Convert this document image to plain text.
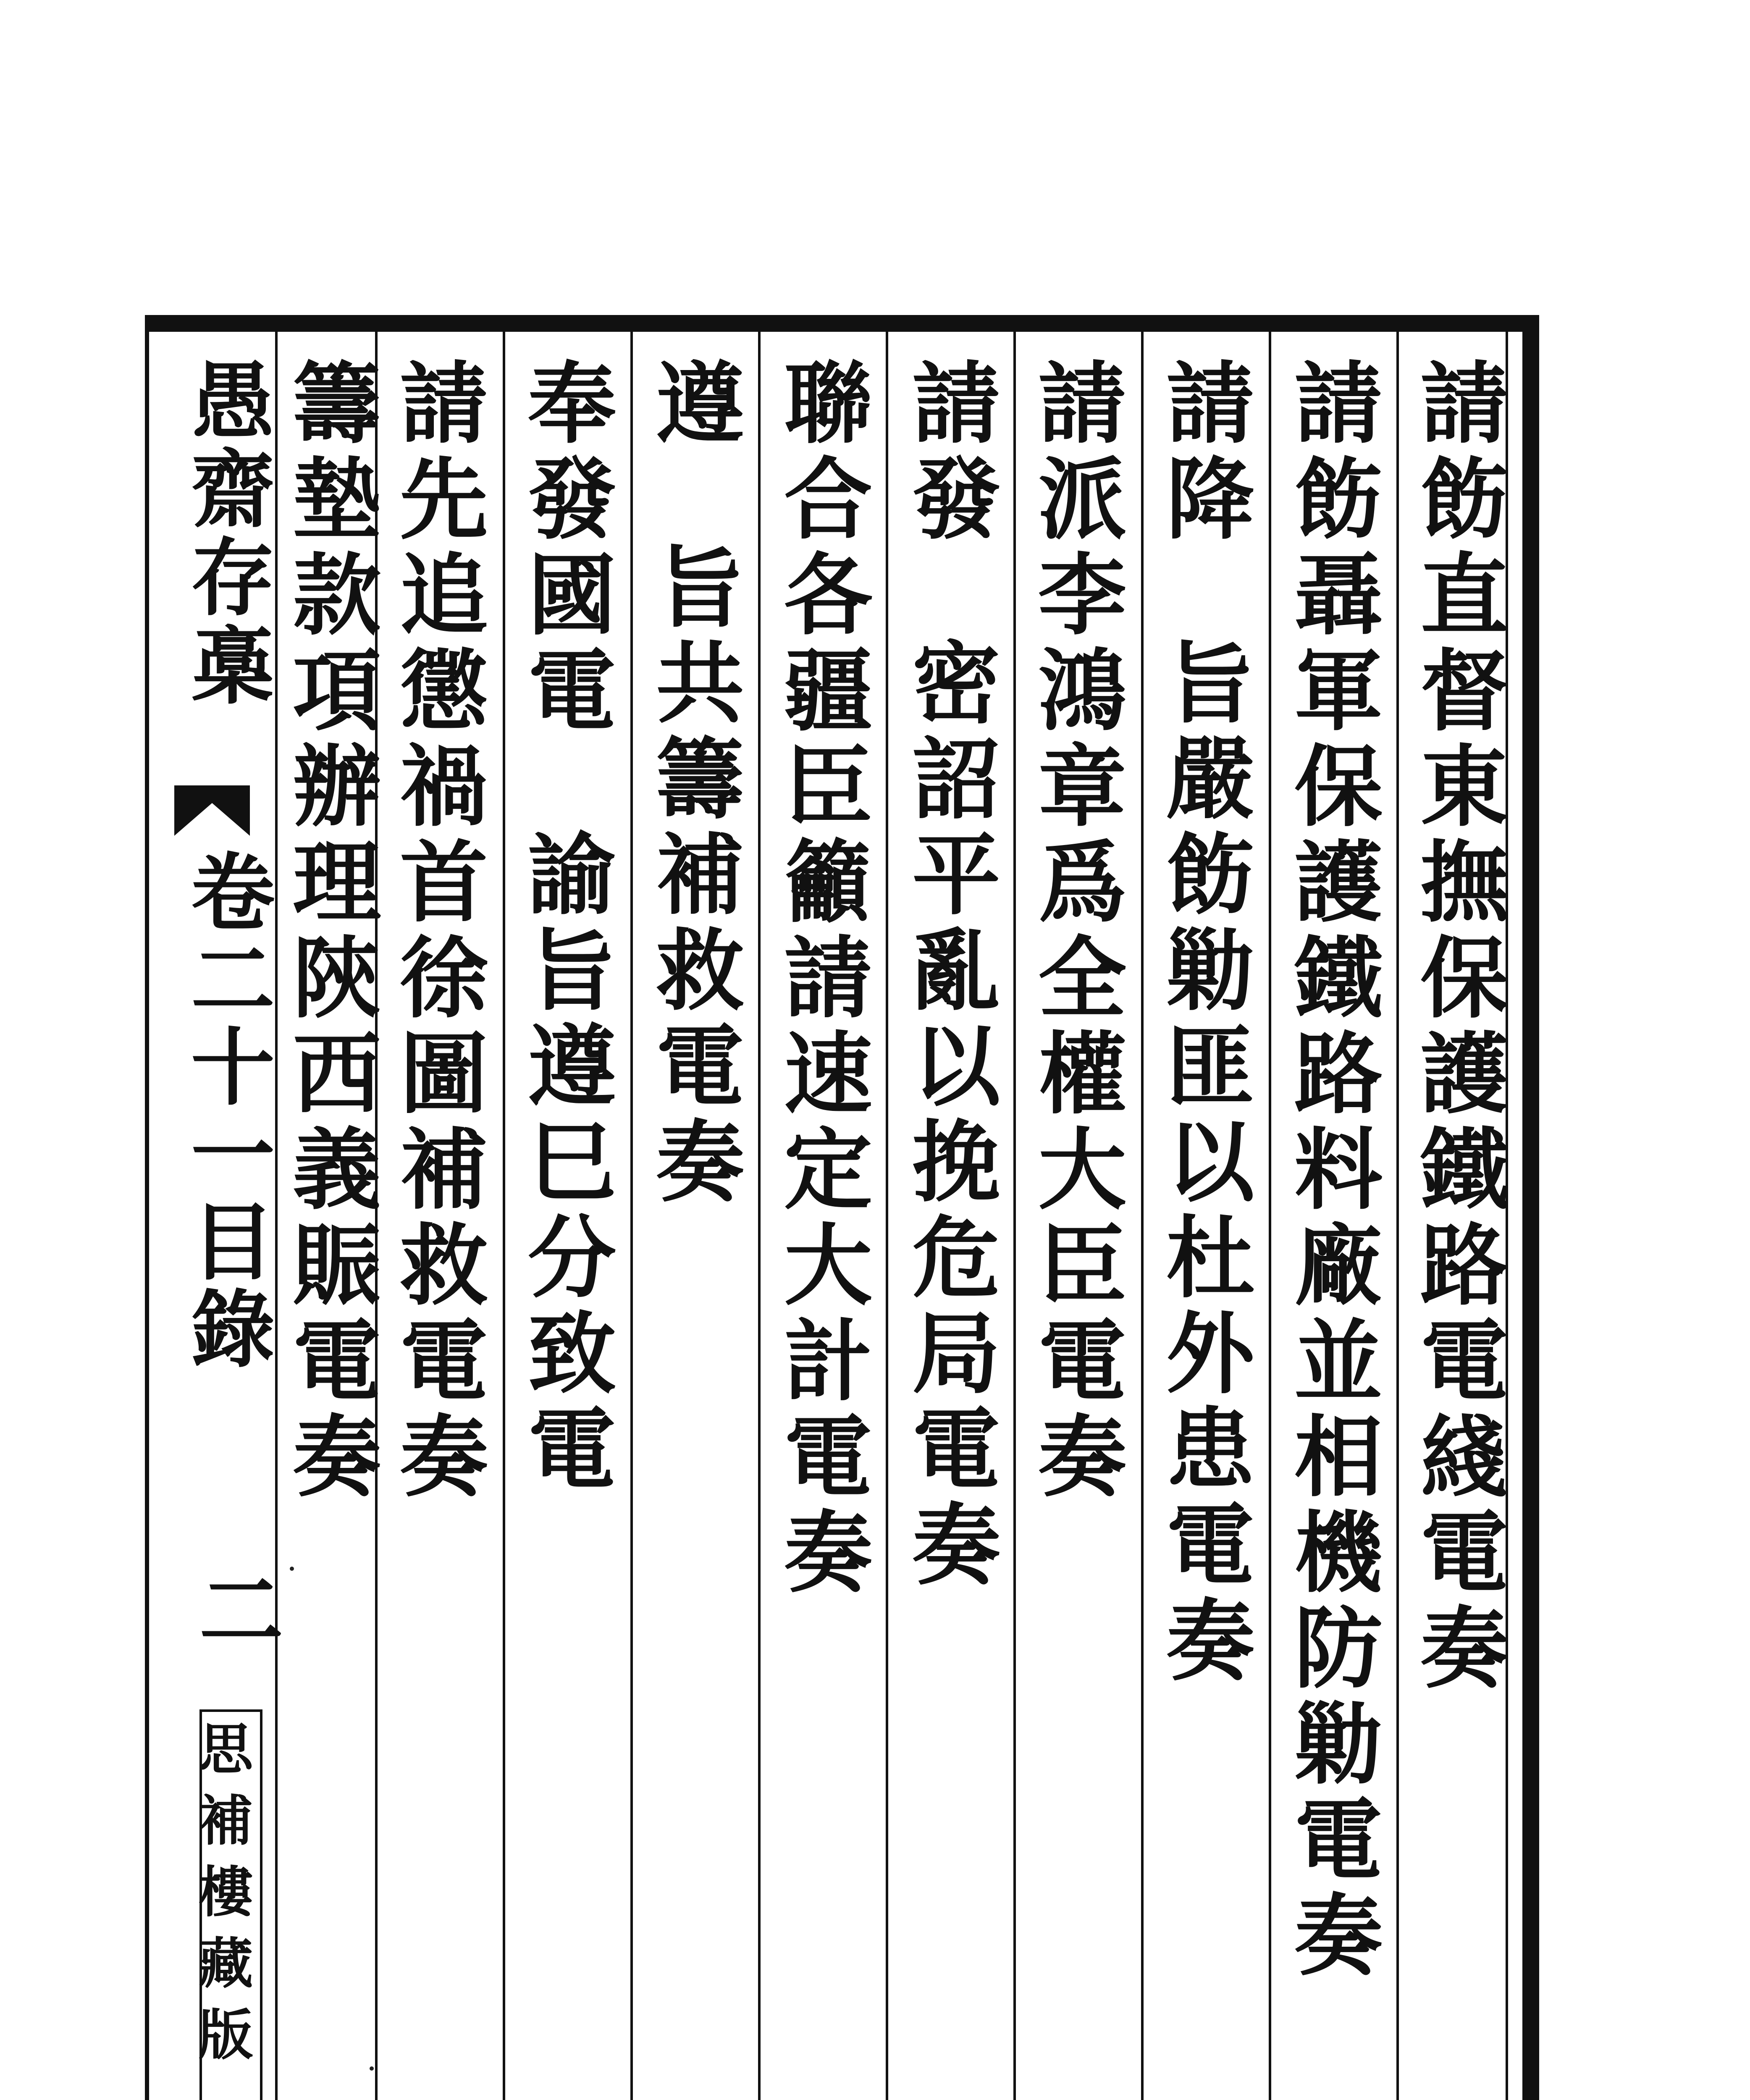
愚齋存槀
卷二十一目錄
二
思補樓藏版
請飭直督東撫保護鐵路電綫電奏
請飭聶軍保護鐵路料廠並相機防勦電奏
請降旨嚴飭勦匪以杜外患電奏
請派李鴻章爲全權大臣電奏
請發密詔平亂以挽危局電奏
聯合各疆臣籲請速定大計電奏
遵旨共籌補救電奏
奉發國電諭旨遵巳分致電
請先追懲禍首徐圖補救電奏
籌墊款項辦理陝西義賑電奏
